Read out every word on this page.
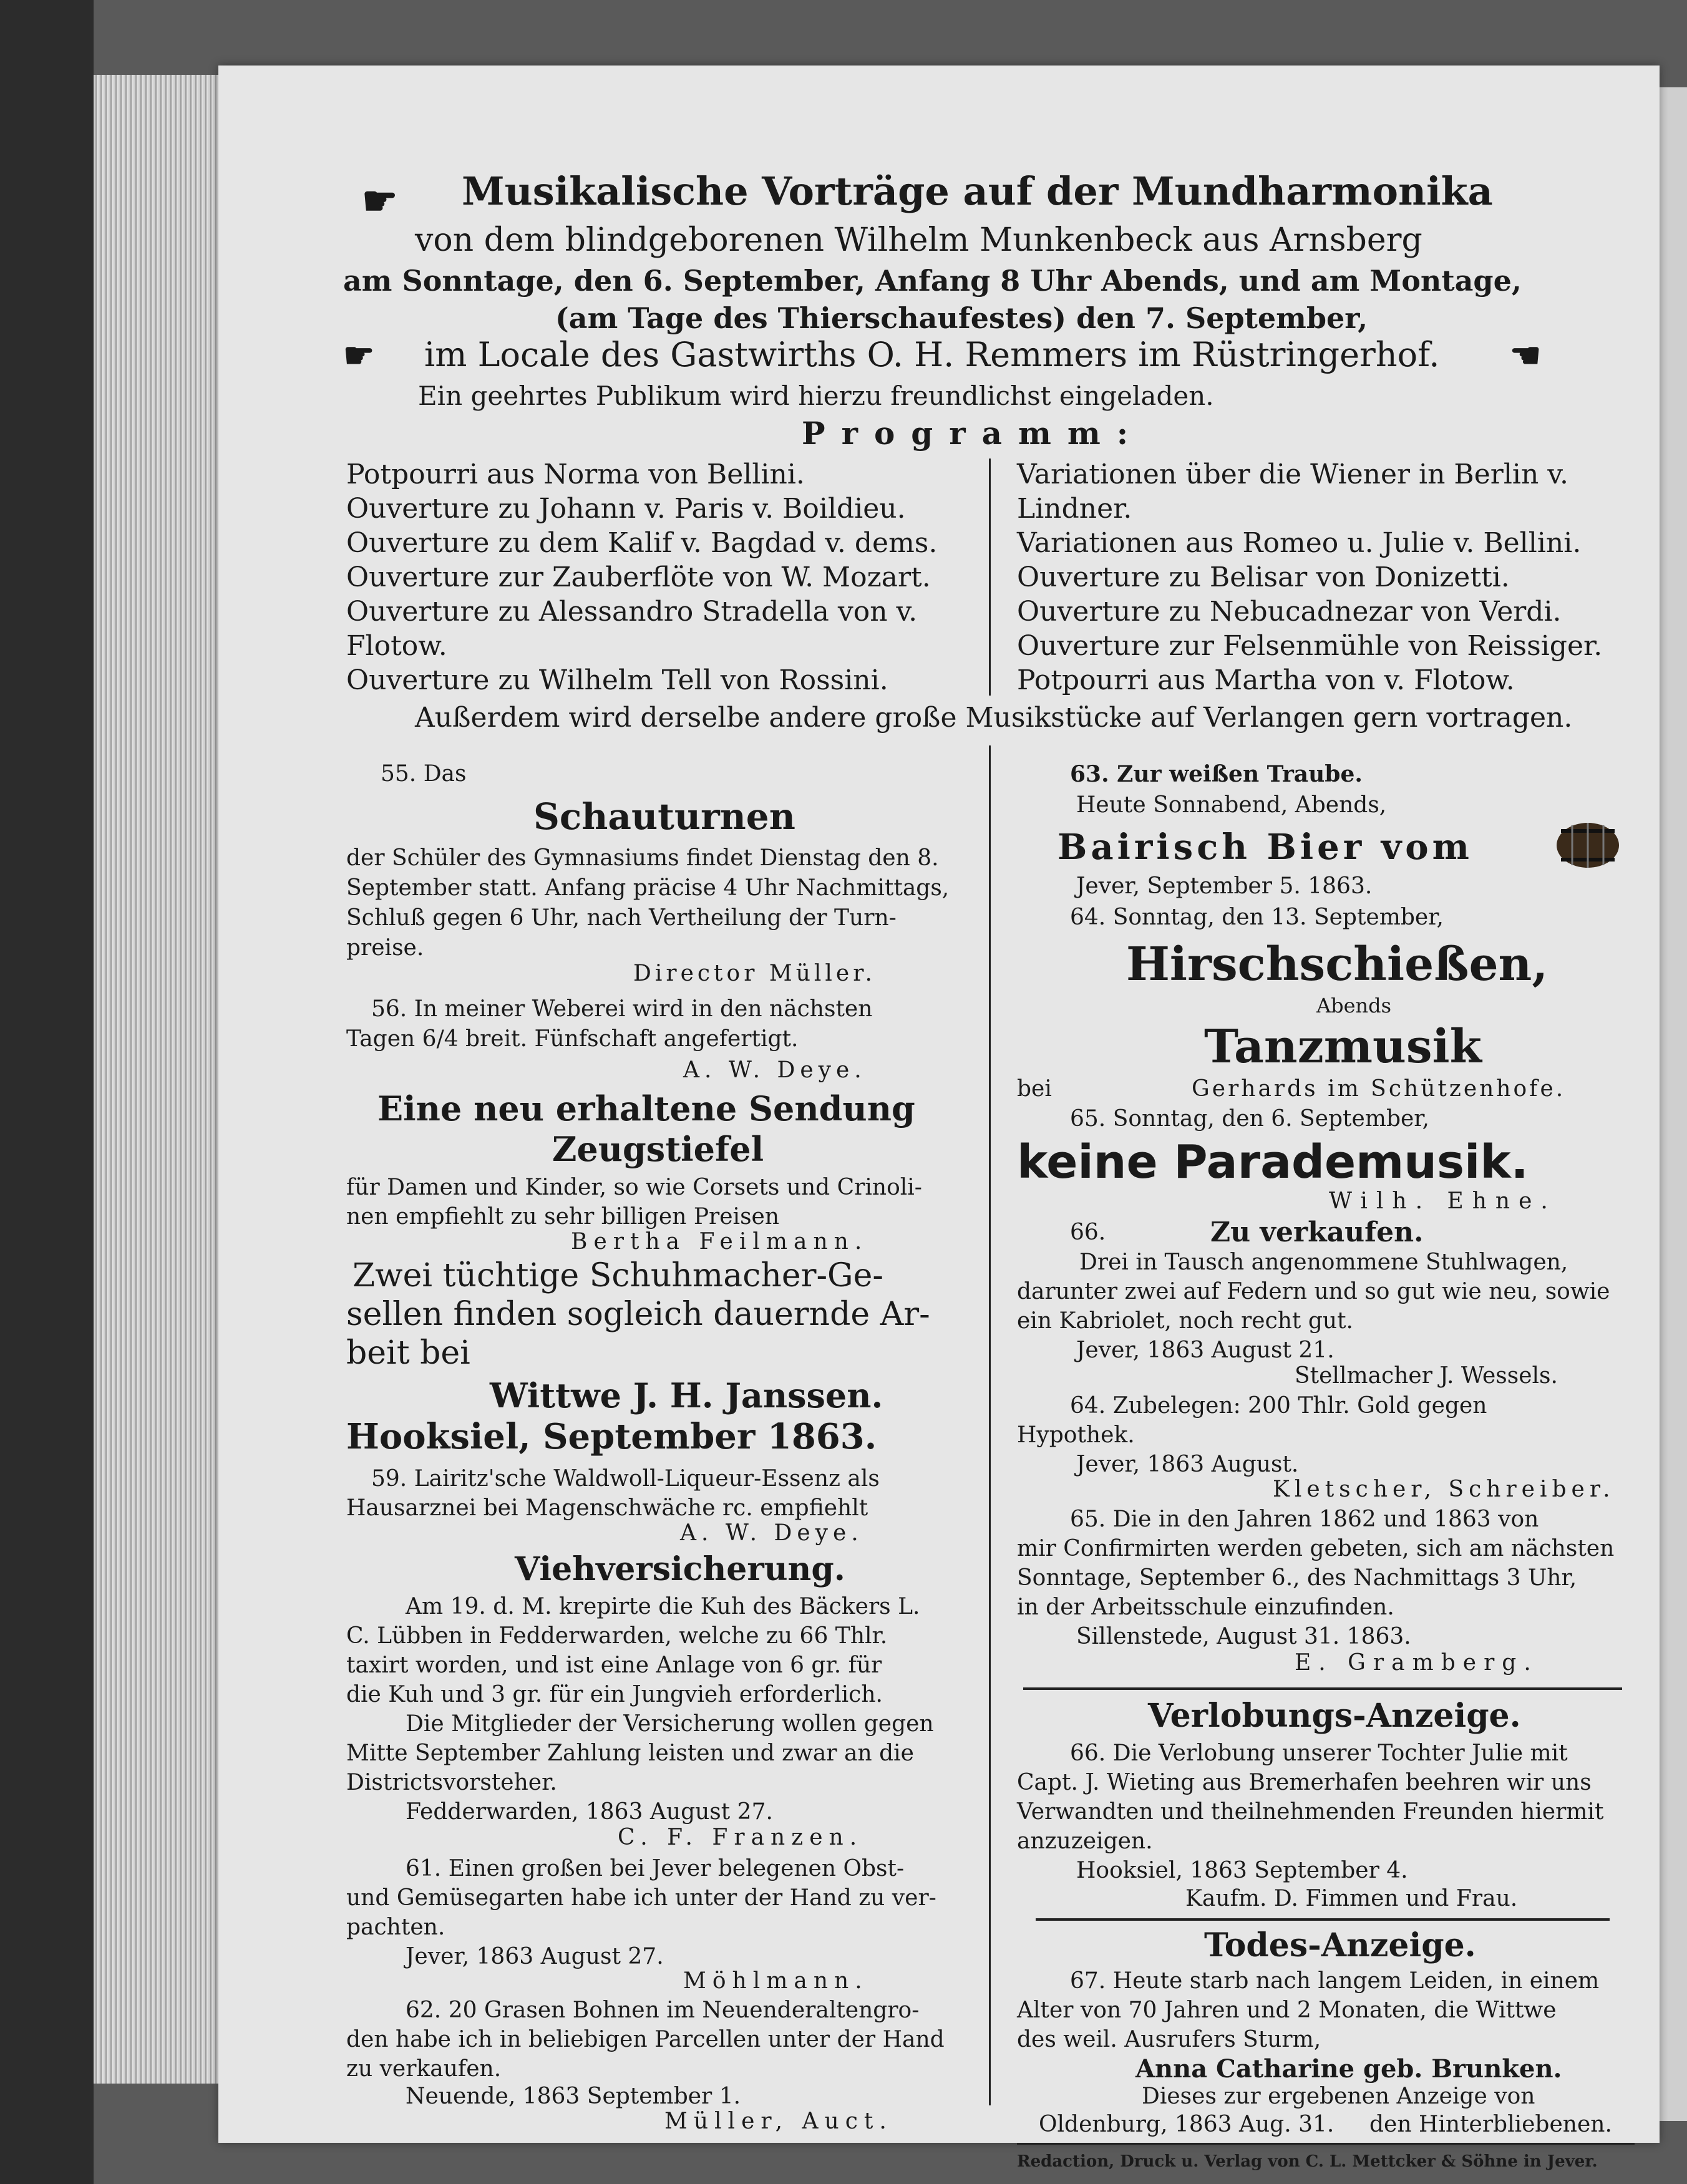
☛ Musikalische Vorträge auf der Mundharmonika
von dem blindgeborenen Wilhelm Munkenbeck aus Arnsberg
am Sonntage, den 6. September, Anfang 8 Uhr Abends, und am Montage,
(am Tage des Thierschaufestes) den 7. September,
☛ im Locale des Gastwirths O. H. Remmers im Rüstringerhof. ☚
Ein geehrtes Publikum wird hierzu freundlichst eingeladen.
Programm:
Potpourri aus Norma von Bellini.
Ouverture zu Johann v. Paris v. Boildieu.
Ouverture zu dem Kalif v. Bagdad v. dems.
Ouverture zur Zauberflöte von W. Mozart.
Ouverture zu Alessandro Stradella von v.
Flotow.
Ouverture zu Wilhelm Tell von Rossini.
Variationen über die Wiener in Berlin v.
Lindner.
Variationen aus Romeo u. Julie v. Bellini.
Ouverture zu Belisar von Donizetti.
Ouverture zu Nebucadnezar von Verdi.
Ouverture zur Felsenmühle von Reissiger.
Potpourri aus Martha von v. Flotow.
Außerdem wird derselbe andere große Musikstücke auf Verlangen gern vortragen.
55. Das
Schauturnen
der Schüler des Gymnasiums findet Dienstag den 8.
September statt. Anfang präcise 4 Uhr Nachmittags,
Schluß gegen 6 Uhr, nach Vertheilung der Turn-
preise.
Director Müller.
56. In meiner Weberei wird in den nächsten
Tagen 6/4 breit. Fünfschaft angefertigt.
A. W. Deye.
Eine neu erhaltene Sendung
Zeugstiefel
für Damen und Kinder, so wie Corsets und Crinoli-
nen empfiehlt zu sehr billigen Preisen
Bertha Feilmann.
Zwei tüchtige Schuhmacher-Ge-
sellen finden sogleich dauernde Ar-
beit bei
Wittwe J. H. Janssen.
Hooksiel, September 1863.
59. Lairitz'sche Waldwoll-Liqueur-Essenz als
Hausarznei bei Magenschwäche rc. empfiehlt
A. W. Deye.
Viehversicherung.
Am 19. d. M. krepirte die Kuh des Bäckers L.
C. Lübben in Fedderwarden, welche zu 66 Thlr.
taxirt worden, und ist eine Anlage von 6 gr. für
die Kuh und 3 gr. für ein Jungvieh erforderlich.
Die Mitglieder der Versicherung wollen gegen
Mitte September Zahlung leisten und zwar an die
Districtsvorsteher.
Fedderwarden, 1863 August 27.
C. F. Franzen.
61. Einen großen bei Jever belegenen Obst-
und Gemüsegarten habe ich unter der Hand zu ver-
pachten.
Jever, 1863 August 27.
Möhlmann.
62. 20 Grasen Bohnen im Neuenderaltengro-
den habe ich in beliebigen Parcellen unter der Hand
zu verkaufen.
Neuende, 1863 September 1.
Müller, Auct.
63. Zur weißen Traube.
Heute Sonnabend, Abends,
Bairisch Bier vom
Jever, September 5. 1863.
64. Sonntag, den 13. September,
Hirschschießen,
Abends
Tanzmusik
bei	Gerhards im Schützenhofe.
65. Sonntag, den 6. September,
keine Parademusik.
Wilh. Ehne.
66.	Zu verkaufen.
Drei in Tausch angenommene Stuhlwagen,
darunter zwei auf Federn und so gut wie neu, sowie
ein Kabriolet, noch recht gut.
Jever, 1863 August 21.
Stellmacher J. Wessels.
64. Zubelegen: 200 Thlr. Gold gegen
Hypothek.
Jever, 1863 August.
Kletscher, Schreiber.
65. Die in den Jahren 1862 und 1863 von
mir Confirmirten werden gebeten, sich am nächsten
Sonntage, September 6., des Nachmittags 3 Uhr,
in der Arbeitsschule einzufinden.
Sillenstede, August 31. 1863.
E. Gramberg.
Verlobungs-Anzeige.
66. Die Verlobung unserer Tochter Julie mit
Capt. J. Wieting aus Bremerhafen beehren wir uns
Verwandten und theilnehmenden Freunden hiermit
anzuzeigen.
Hooksiel, 1863 September 4.
Kaufm. D. Fimmen und Frau.
Todes-Anzeige.
67. Heute starb nach langem Leiden, in einem
Alter von 70 Jahren und 2 Monaten, die Wittwe
des weil. Ausrufers Sturm,
Anna Catharine geb. Brunken.
Dieses zur ergebenen Anzeige von
Oldenburg, 1863 Aug. 31. den Hinterbliebenen.
Redaction, Druck u. Verlag von C. L. Mettcker & Söhne in Jever.
